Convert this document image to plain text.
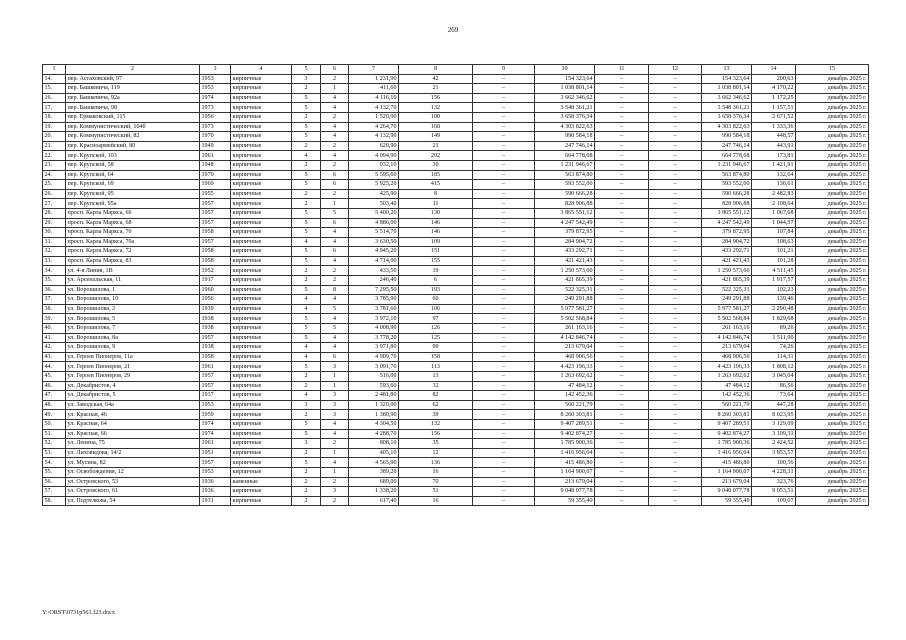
269
1	2	3	4	5	6	7	8	9	10	11	12	13	14	15
14.	пер. Астаховский, 97	1953	кирпичные	3	2	1 231,90	42	–	154 323,64	–	–	154 323,64	200,63	декабрь 2025 г.
15.	пер. Башкевича, 119	1953	кирпичные	2	1	411,60	21	–	1 038 801,14	–	–	1 038 801,14	4 170,22	декабрь 2025 г.
16.	пер. Башкевича, 92а	1974	кирпичные	5	4	4 116,10	156	–	3 662 346,62	–	–	3 662 346,62	1 172,25	декабрь 2025 г.
17.	пер. Башкевича, 98	1973	кирпичные	5	4	4 132,70	132	–	3 548 361,21	–	–	3 548 361,21	1 157,51	декабрь 2025 г.
18.	пер. Ермаковский, 115	1956	кирпичные	2	2	1 520,90	100	–	3 658 376,34	–	–	3 658 376,34	2 671,52	декабрь 2025 г.
19.	пер. Коммунистический, 104б	1973	кирпичные	5	4	4 264,70	168	–	4 303 822,63	–	–	4 303 822,63	1 333,36	декабрь 2025 г.
20.	пер. Коммунистический, 82	1970	кирпичные	5	4	4 132,90	149	–	990 584,18	–	–	990 584,18	448,57	декабрь 2025 г.
21.	пер. Красноармейский, 80	1949	кирпичные	2	2	620,90	21	–	247 746,14	–	–	247 746,14	443,91	декабрь 2025 г.
22.	пер. Крупской, 103	1961	кирпичные	4	4	4 094,90	202	–	664 778,68	–	–	664 778,68	173,81	декабрь 2025 г.
23.	пер. Крупской, 58	1948	кирпичные	2	2	932,10	30	–	1 231 946,67	–	–	1 231 946,67	1 421,91	декабрь 2025 г.
24.	пер. Крупской, 64	1970	кирпичные	5	6	5 595,60	185	–	563 874,80	–	–	563 874,80	132,64	декабрь 2025 г.
25.	пер. Крупской, 69	1969	кирпичные	5	6	5 925,20	415	–	593 552,00	–	–	593 552,00	130,61	декабрь 2025 г.
26.	пер. Крупской, 95	1955	кирпичные	2	2	425,90	8	–	590 666,28	–	–	590 666,28	2 482,83	декабрь 2025 г.
27.	пер. Крупской, 95а	1957	кирпичные	2	1	503,40	11	–	828 906,88	–	–	828 906,88	2 108,64	декабрь 2025 г.
28.	просп. Карла Маркса, 66	1957	кирпичные	5	5	5 400,20	130	–	3 865 551,12	–	–	3 865 551,12	1 067,68	декабрь 2025 г.
29.	просп. Карла Маркса, 68	1957	кирпичные	5	6	4 886,00	146	–	4 247 542,49	–	–	4 247 542,49	1 044,57	декабрь 2025 г.
30.	просп. Карла Маркса, 70	1958	кирпичные	5	4	5 514,70	146	–	379 872,95	–	–	379 872,95	107,84	декабрь 2025 г.
31.	просп. Карла Маркса, 70а	1957	кирпичные	4	4	3 630,50	109	–	284 904,72	–	–	284 904,72	108,63	декабрь 2025 г.
32.	просп. Карла Маркса, 72	1958	кирпичные	5	6	4 945,20	151	–	433 292,71	–	–	433 292,71	101,21	декабрь 2025 г.
33.	просп. Карла Маркса, 83	1958	кирпичные	5	4	4 714,00	155	–	421 421,43	–	–	421 421,43	101,28	декабрь 2025 г.
34.	ул. 4-я Линия, 1В	1952	кирпичные	2	2	433,50	19	–	1 250 573,60	–	–	1 250 573,60	4 511,45	декабрь 2025 г.
35.	ул. Арсенальская, 11	1917	кирпичные	2	2	246,40	6	–	421 865,39	–	–	421 865,39	1 917,57	декабрь 2025 г.
36.	ул. Ворошилова, 1	1960	кирпичные	5	8	7 295,50	193	–	522 325,31	–	–	522 325,31	102,23	декабрь 2025 г.
37.	ул. Ворошилова, 10	1956	кирпичные	4	4	3 785,90	60	–	249 291,88	–	–	249 291,88	139,46	декабрь 2025 г.
38.	ул. Ворошилова, 2	1939	кирпичные	4	5	3 781,60	106	–	5 977 581,27	–	–	5 977 581,27	2 290,48	декабрь 2025 г.
39.	ул. Ворошилова, 5	1938	кирпичные	5	4	3 972,10	97	–	5 502 568,84	–	–	5 502 568,84	1 829,68	декабрь 2025 г.
40.	ул. Ворошилова, 7	1938	кирпичные	5	5	4 008,90	126	–	261 163,16	–	–	261 163,16	89,26	декабрь 2025 г.
41.	ул. Ворошилова, 8а	1957	кирпичные	5	4	3 778,20	125	–	4 142 846,74	–	–	4 142 846,74	1 511,00	декабрь 2025 г.
42.	ул. Ворошилова, 9	1938	кирпичные	4	4	3 971,80	99	–	213 679,04	–	–	213 679,04	74,26	декабрь 2025 г.
43.	ул. Героев Пионеров, 11а	1958	кирпичные	4	6	4 909,70	158	–	468 906,56	–	–	468 906,56	114,31	декабрь 2025 г.
44.	ул. Героев Пионеров, 21	1961	кирпичные	5	3	3 091,70	113	–	4 423 196,33	–	–	4 423 196,33	1 808,12	декабрь 2025 г.
45.	ул. Героев Пионеров, 29	1957	кирпичные	2	1	516,00	13	–	1 263 692,62	–	–	1 263 692,62	3 045,04	декабрь 2025 г.
46.	ул. Декабристов, 4	1957	кирпичные	2	1	593,60	32	–	47 484,12	–	–	47 484,12	86,56	декабрь 2025 г.
47.	ул. Декабристов, 5	1937	кирпичные	4	3	2 481,80	82	–	142 452,36	–	–	142 452,36	73,64	декабрь 2025 г.
48.	ул. Заводская, 64а	1953	кирпичные	3	3	1 320,00	62	–	560 221,79	–	–	560 221,79	447,28	декабрь 2025 г.
49.	ул. Красная, 46	1959	кирпичные	2	3	1 380,90	39	–	8 260 303,81	–	–	8 260 303,81	8 023,95	декабрь 2025 г.
50.	ул. Красная, 64	1974	кирпичные	5	4	4 304,50	132	–	9 407 289,51	–	–	9 407 289,51	3 129,09	декабрь 2025 г.
51.	ул. Красная, 66	1974	кирпичные	5	4	4 288,70	156	–	9 402 874,27	–	–	9 402 874,27	3 109,31	декабрь 2025 г.
52.	ул. Ленина, 75	1961	кирпичные	3	2	808,10	35	–	1 785 900,36	–	–	1 785 900,36	2 424,52	декабрь 2025 г.
53.	ул. Лиховидова, 14/2	1951	кирпичные	2	1	405,10	12	–	1 416 956,04	–	–	1 416 956,04	3 853,57	декабрь 2025 г.
54.	ул. Мусина, 82	1957	кирпичные	5	4	4 565,90	136	–	415 486,80	–	–	415 486,80	100,56	декабрь 2025 г.
55.	ул. Освобождения, 12	1953	кирпичные	2	1	389,20	16	–	1 164 900,07	–	–	1 164 900,07	4 228,31	декабрь 2025 г.
56.	ул. Островского, 53	1936	каменные	2	2	689,00	70	–	213 679,04	–	–	213 679,04	323,76	декабрь 2025 г.
57.	ул. Островского, 61	1936	кирпичные	2	3	1 338,20	51	–	9 048 077,78	–	–	9 048 077,78	9 053,51	декабрь 2025 г.
58.	ул. Подтелкова, 54	1931	кирпичные	2	2	617,40	16	–	59 355,40	–	–	59 355,40	109,07	декабрь 2025 г.
Y:\ORST\0731p561.f23.docx
